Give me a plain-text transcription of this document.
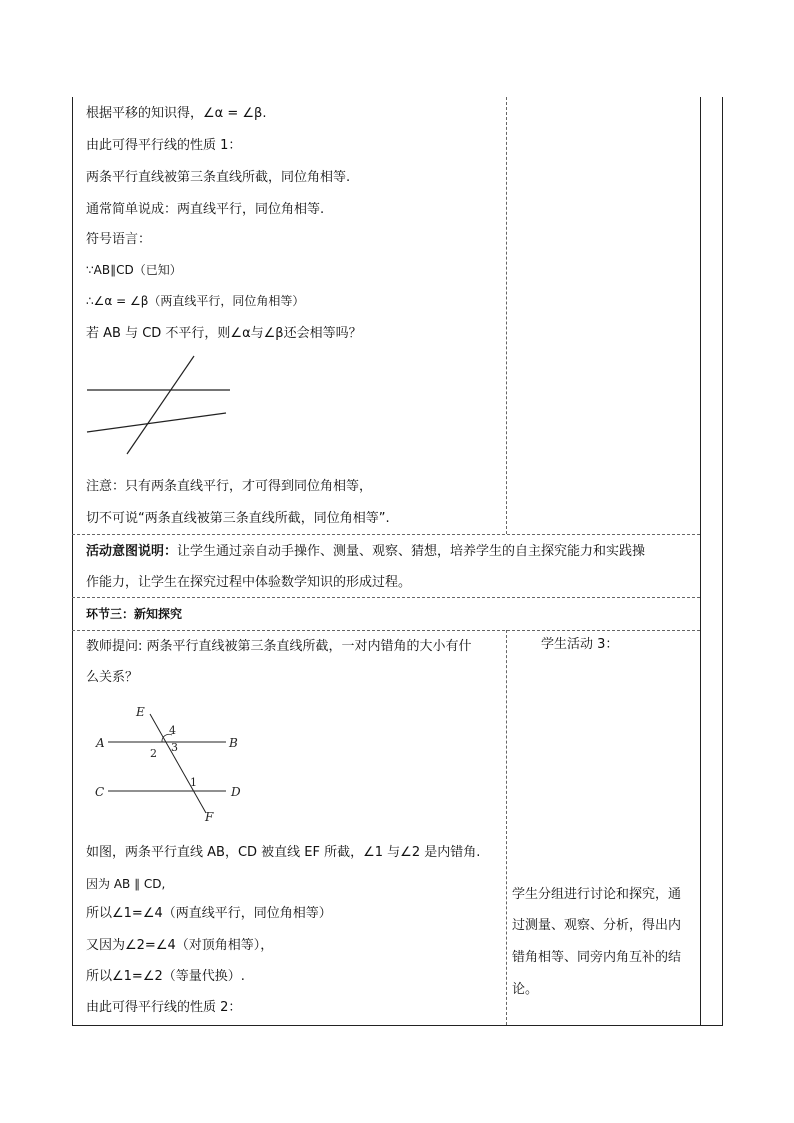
根据平移的知识得，∠α = ∠β.
由此可得平行线的性质 1：
两条平行直线被第三条直线所截，同位角相等.
通常简单说成：两直线平行，同位角相等.
符号语言：
∵AB∥CD（已知）
∴∠α = ∠β（两直线平行，同位角相等）
若 AB 与 CD 不平行，则∠α与∠β还会相等吗？
注意：只有两条直线平行，才可得到同位角相等，
切不可说“两条直线被第三条直线所截，同位角相等”.
活动意图说明：让学生通过亲自动手操作、测量、观察、猜想，培养学生的自主探究能力和实践操
作能力，让学生在探究过程中体验数学知识的形成过程。
环节三：新知探究
教师提问: 两条平行直线被第三条直线所截，一对内错角的大小有什
么关系？
E
A	B
C	D
F
4
3
2
1
如图，两条平行直线 AB，CD 被直线 EF 所截，∠1 与∠2 是内错角.
因为 AB ∥ CD,
所以∠1=∠4（两直线平行，同位角相等）
又因为∠2=∠4（对顶角相等），
所以∠1=∠2（等量代换）.
由此可得平行线的性质 2：
学生活动 3：
学生分组进行讨论和探究，通
过测量、观察、分析，得出内
错角相等、同旁内角互补的结
论。
